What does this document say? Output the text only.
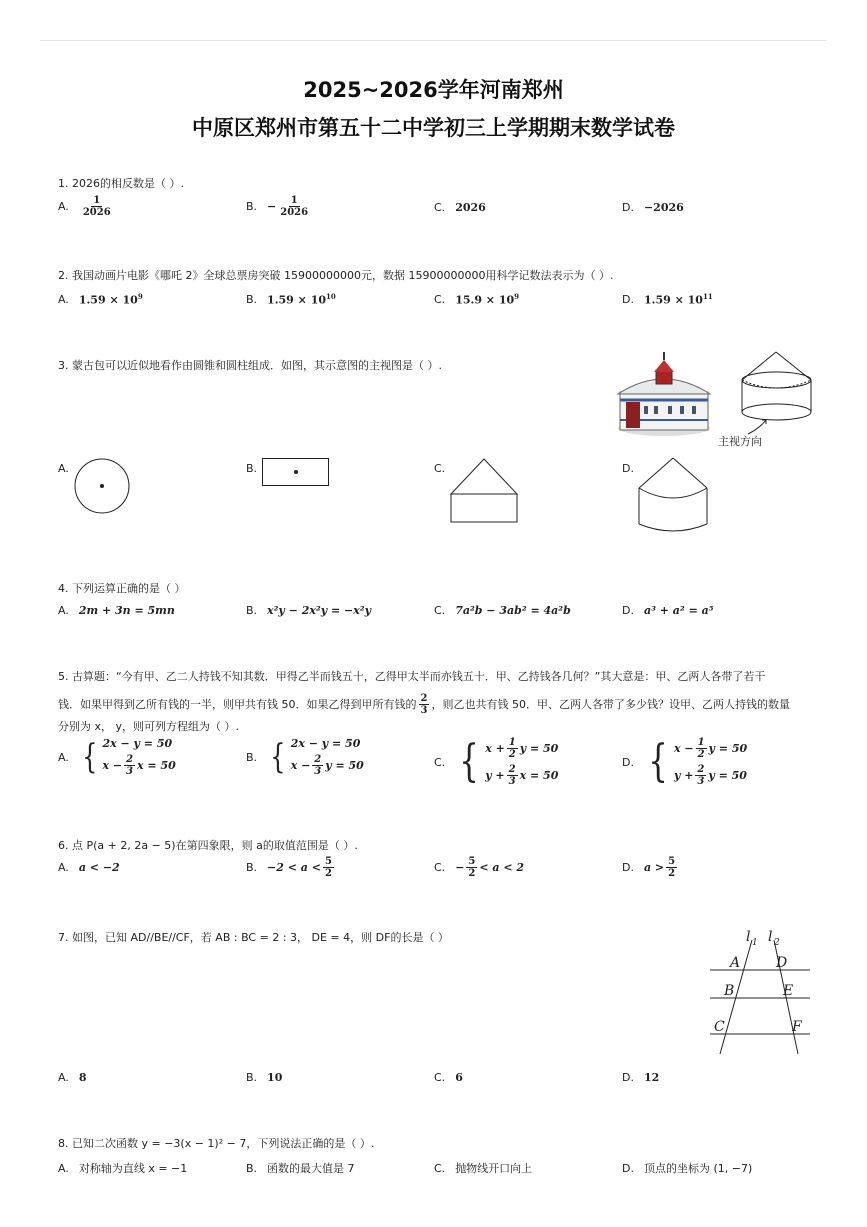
2025~2026学年河南郑州
中原区郑州市第五十二中学初三上学期期末数学试卷
1. 2026的相反数是（ ）.
A. $\frac{1}{2026}$	B. − $\frac{1}{2026}$	C. 2026	D. −2026
2. 我国动画片电影《哪吒 2》全球总票房突破 15900000000元，数据 15900000000用科学记数法表示为（ ）.
A. $1.59 \times 10^9$	B. $1.59 \times 10^{10}$	C. $15.9 \times 10^9$	D. $1.59 \times 10^{11}$
3. 蒙古包可以近似地看作由圆锥和圆柱组成．如图，其示意图的主视图是（ ）.
主视方向
A.	B.	C.	D.
4. 下列运算正确的是（ ）
A. 2m + 3n = 5mn	B. x²y − 2x²y = −x²y	C. 7a²b − 3ab² = 4a²b	D. a³ + a² = a⁵
5. 古算题：“今有甲、乙二人持钱不知其数．甲得乙半而钱五十，乙得甲太半而亦钱五十．甲、乙持钱各几何？”其大意是：甲、乙两人各带了若干
钱．如果甲得到乙所有钱的一半，则甲共有钱 50．如果乙得到甲所有钱的 $\frac{2}{3}$ ，则乙也共有钱 50．甲、乙两人各带了多少钱？设甲、乙两人持钱的数量
分别为 x， y，则可列方程组为（ ）.
A. { 2x − y = 50
$x - \frac{2}{3}$ x = 50
B. { 2x − y = 50
$x - \frac{2}{3}$ y = 50	C. { $x + \frac{1}{2}$ y = 50
$y + \frac{2}{3}$ x = 50
D. { $x - \frac{1}{2}$ y = 50
$y + \frac{2}{3}$ y = 50
6. 点 P(a + 2, 2a − 5)在第四象限，则 a的取值范围是（ ）.
A. a < −2	B. $-2 < a < \frac{5}{2}$	C. − $\frac{5}{2} < a < 2$	D. $a > \frac{5}{2}$
7. 如图，已知 AD//BE//CF，若 AB : BC = 2 : 3， DE = 4，则 DF的长是（ ）	l 1 l 2
A	D
B	E
C	F
A. 8	B. 10	C. 6	D. 12
8. 已知二次函数 y = −3(x − 1)² − 7，下列说法正确的是（ ）.
A. 对称轴为直线 x = −1	B. 函数的最大值是 7	C. 抛物线开口向上	D. 顶点的坐标为 (1, −7)
